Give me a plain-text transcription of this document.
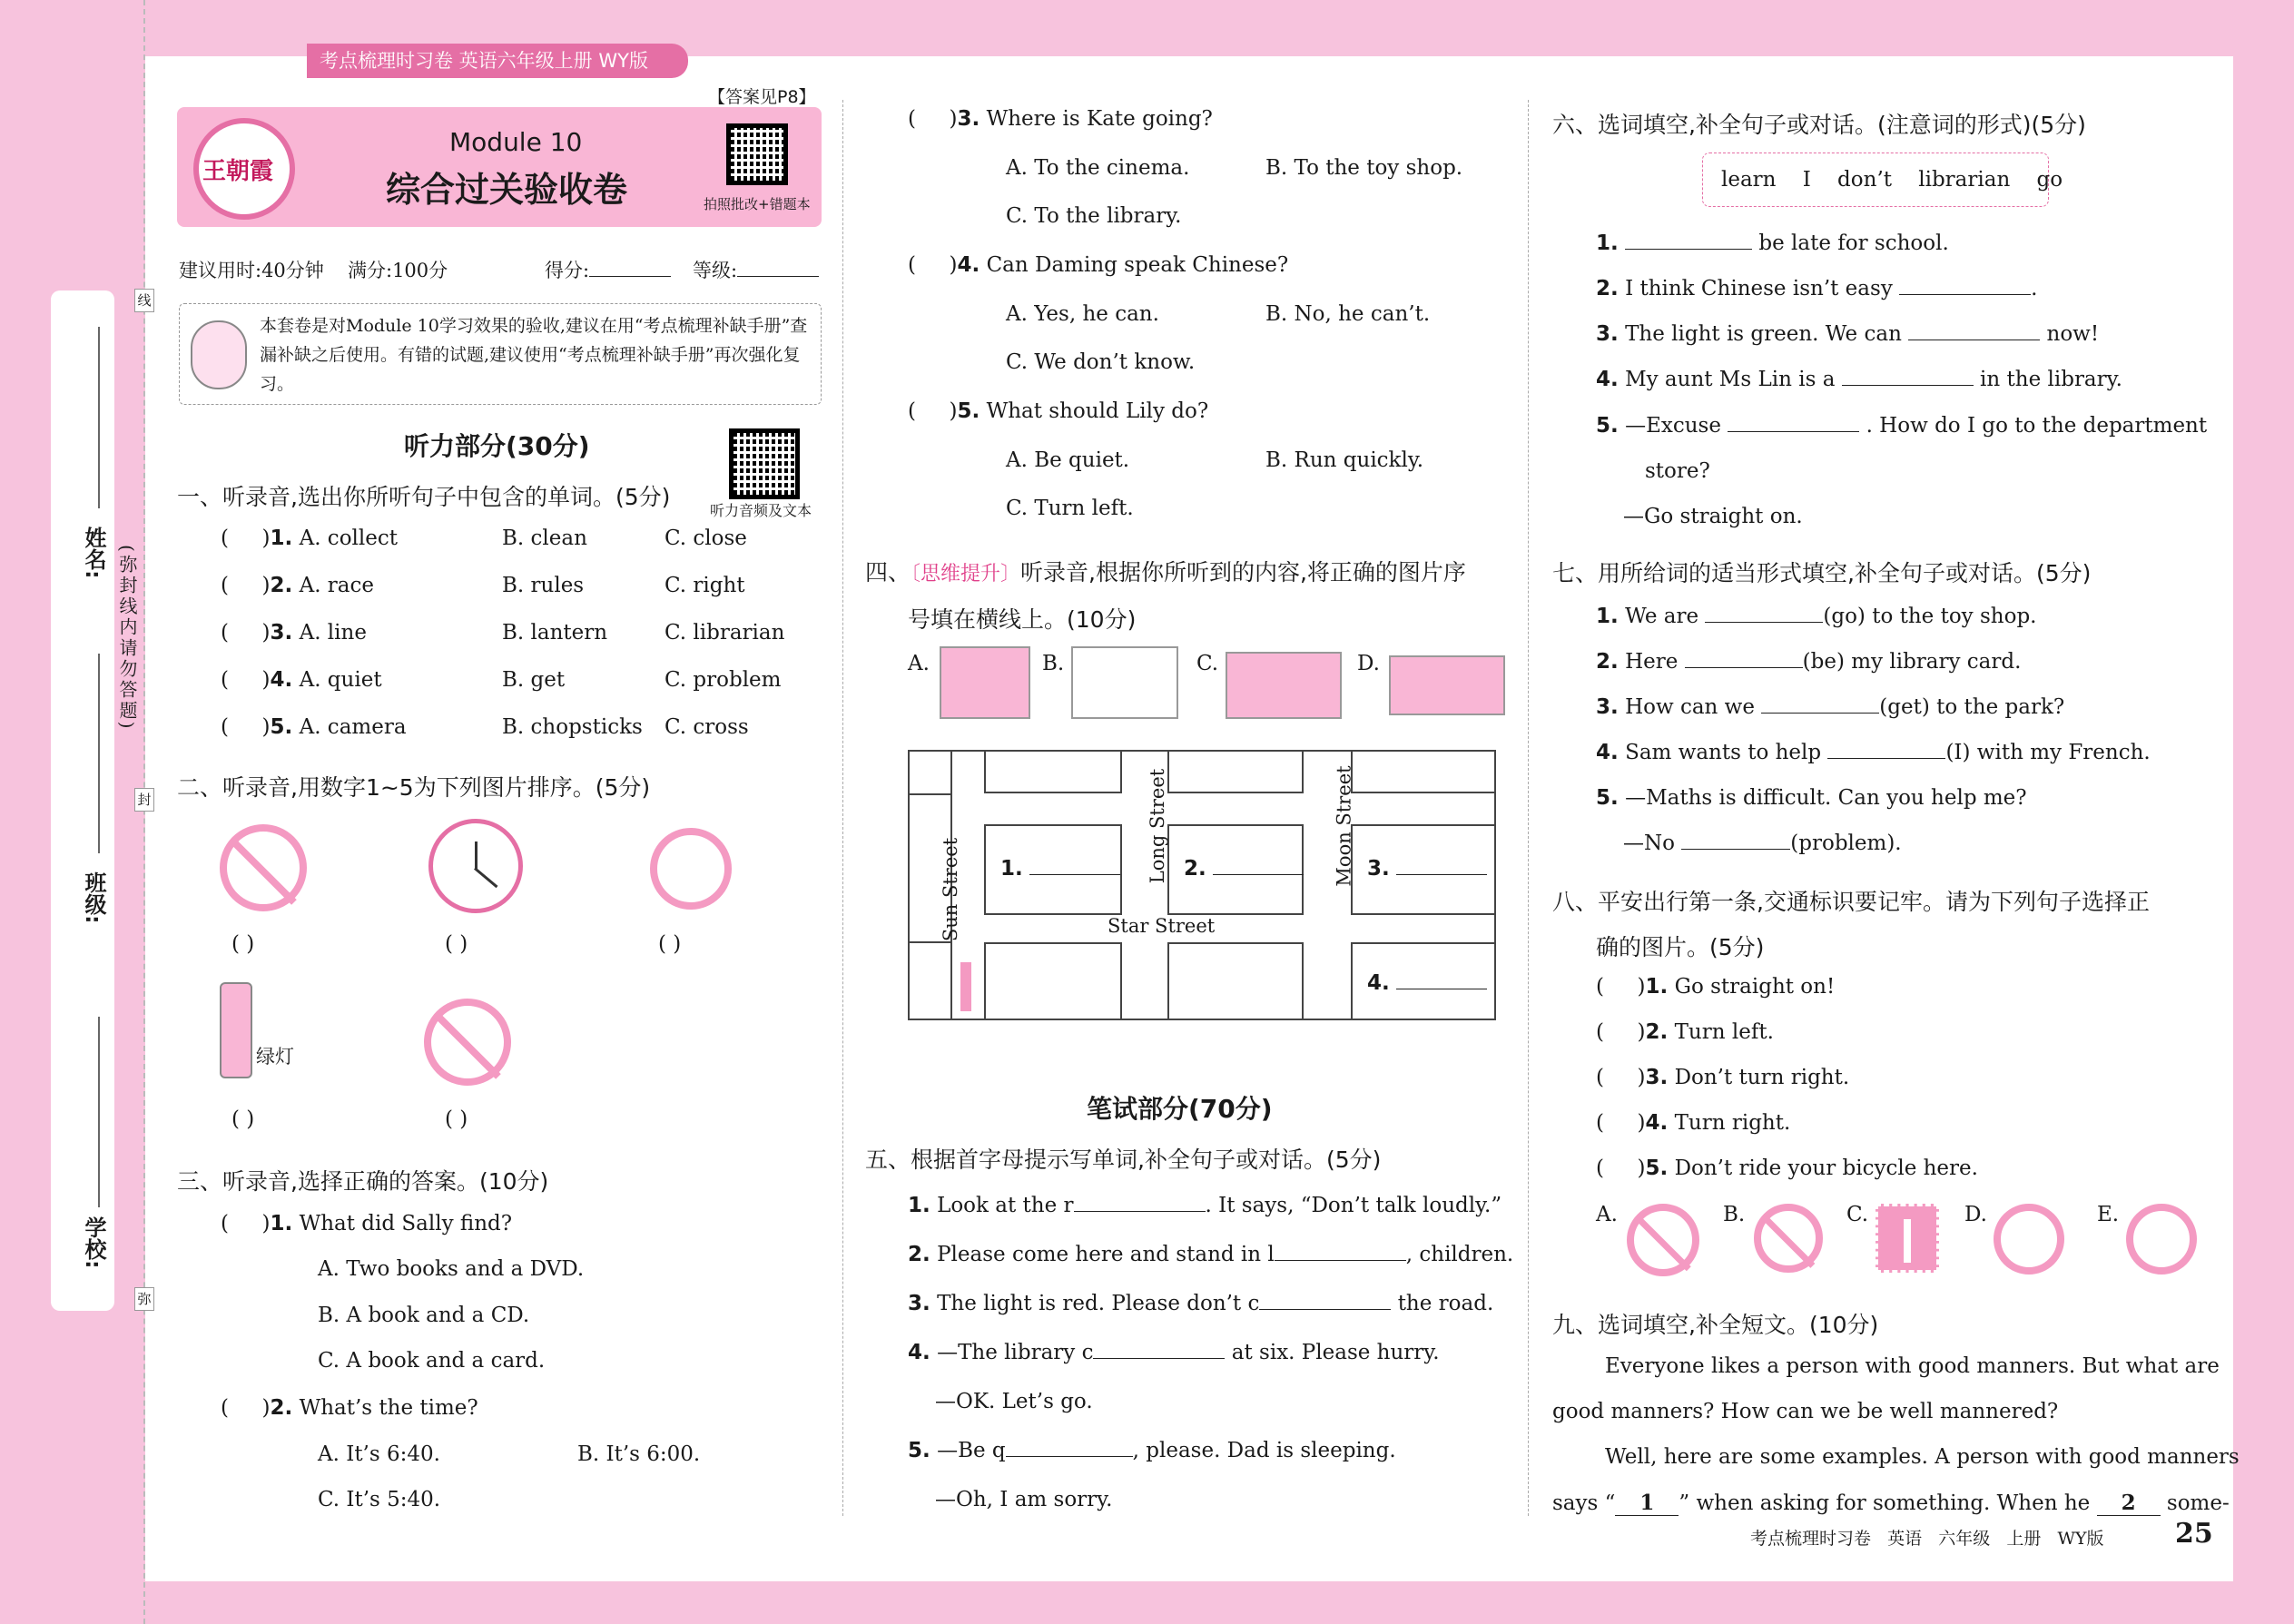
线
封
弥
姓名:
班级:
学校:
(弥封线内请勿答题)
考点梳理时习卷 英语六年级上册 WY版
【答案见P8】
王朝霞
Module 10
综合过关验收卷	拍照批改+错题本
建议用时:40分钟 满分:100分	得分:	等级:
本套卷是对Module 10学习效果的验收,建议在用“考点梳理补缺手册”查漏补缺之后使用。有错的试题,建议使用“考点梳理补缺手册”再次强化复习。
听力部分(30分)
听力音频及文本
一、听录音,选出你所听句子中包含的单词。(5分)
(     )1. A. collect	B. clean	C. close
(     )2. A. race	B. rules	C. right
(     )3. A. line	B. lantern	C. librarian
(     )4. A. quiet	B. get	C. problem
(     )5. A. camera	B. chopsticks C. cross
二、听录音,用数字1~5为下列图片排序。(5分)
( )	( )	( )
绿灯
( )	( )
三、听录音,选择正确的答案。(10分)
(     )1. What did Sally find?
A. Two books and a DVD.
B. A book and a CD.
C. A book and a card.
(     )2. What’s the time?
A. It’s 6:40.	B. It’s 6:00.
C. It’s 5:40.
(     )3. Where is Kate going?
A. To the cinema.	B. To the toy shop.
C. To the library.
(     )4. Can Daming speak Chinese?
A. Yes, he can.	B. No, he can’t.
C. We don’t know.
(     )5. What should Lily do?
A. Be quiet.	B. Run quickly.
C. Turn left.
四、〔思维提升〕听录音,根据你所听到的内容,将正确的图片序
号填在横线上。(10分)
A.	B.	C.	D.
Sun Street
Long Street	Moon Street
Star Street
1.	2.	3.
4.
笔试部分(70分)
五、根据首字母提示写单词,补全句子或对话。(5分)
1. Look at the r	. It says, “Don’t talk loudly.”
2. Please come here and stand in l	, children.
3. The light is red. Please don’t c	the road.
4. —The library c	at six. Please hurry.
—OK. Let’s go.
5. —Be q	, please. Dad is sleeping.
—Oh, I am sorry.
六、选词填空,补全句子或对话。(注意词的形式)(5分)
learn    I    don’t    librarian    go
1.	be late for school.
2. I think Chinese isn’t easy	.
3. The light is green. We can	now!
4. My aunt Ms Lin is a	in the library.
5. —Excuse	. How do I go to the department
store?
—Go straight on.
七、用所给词的适当形式填空,补全句子或对话。(5分)
1. We are	(go) to the toy shop.
2. Here	(be) my library card.
3. How can we	(get) to the park?
4. Sam wants to help	(I) with my French.
5. —Maths is difficult. Can you help me?
—No	(problem).
八、平安出行第一条,交通标识要记牢。请为下列句子选择正
确的图片。(5分)
(     )1. Go straight on!
(     )2. Turn left.
(     )3. Don’t turn right.
(     )4. Turn right.
(     )5. Don’t ride your bicycle here.
A.	B.	C.	D.	E.
九、选词填空,补全短文。(10分)
Everyone likes a person with good manners. But what are
good manners? How can we be well mannered?
Well, here are some examples. A person with good manners
says “ 1 ” when asking for something. When he 2 some-
考点梳理时习卷   英语   六年级   上册   WY版	25
